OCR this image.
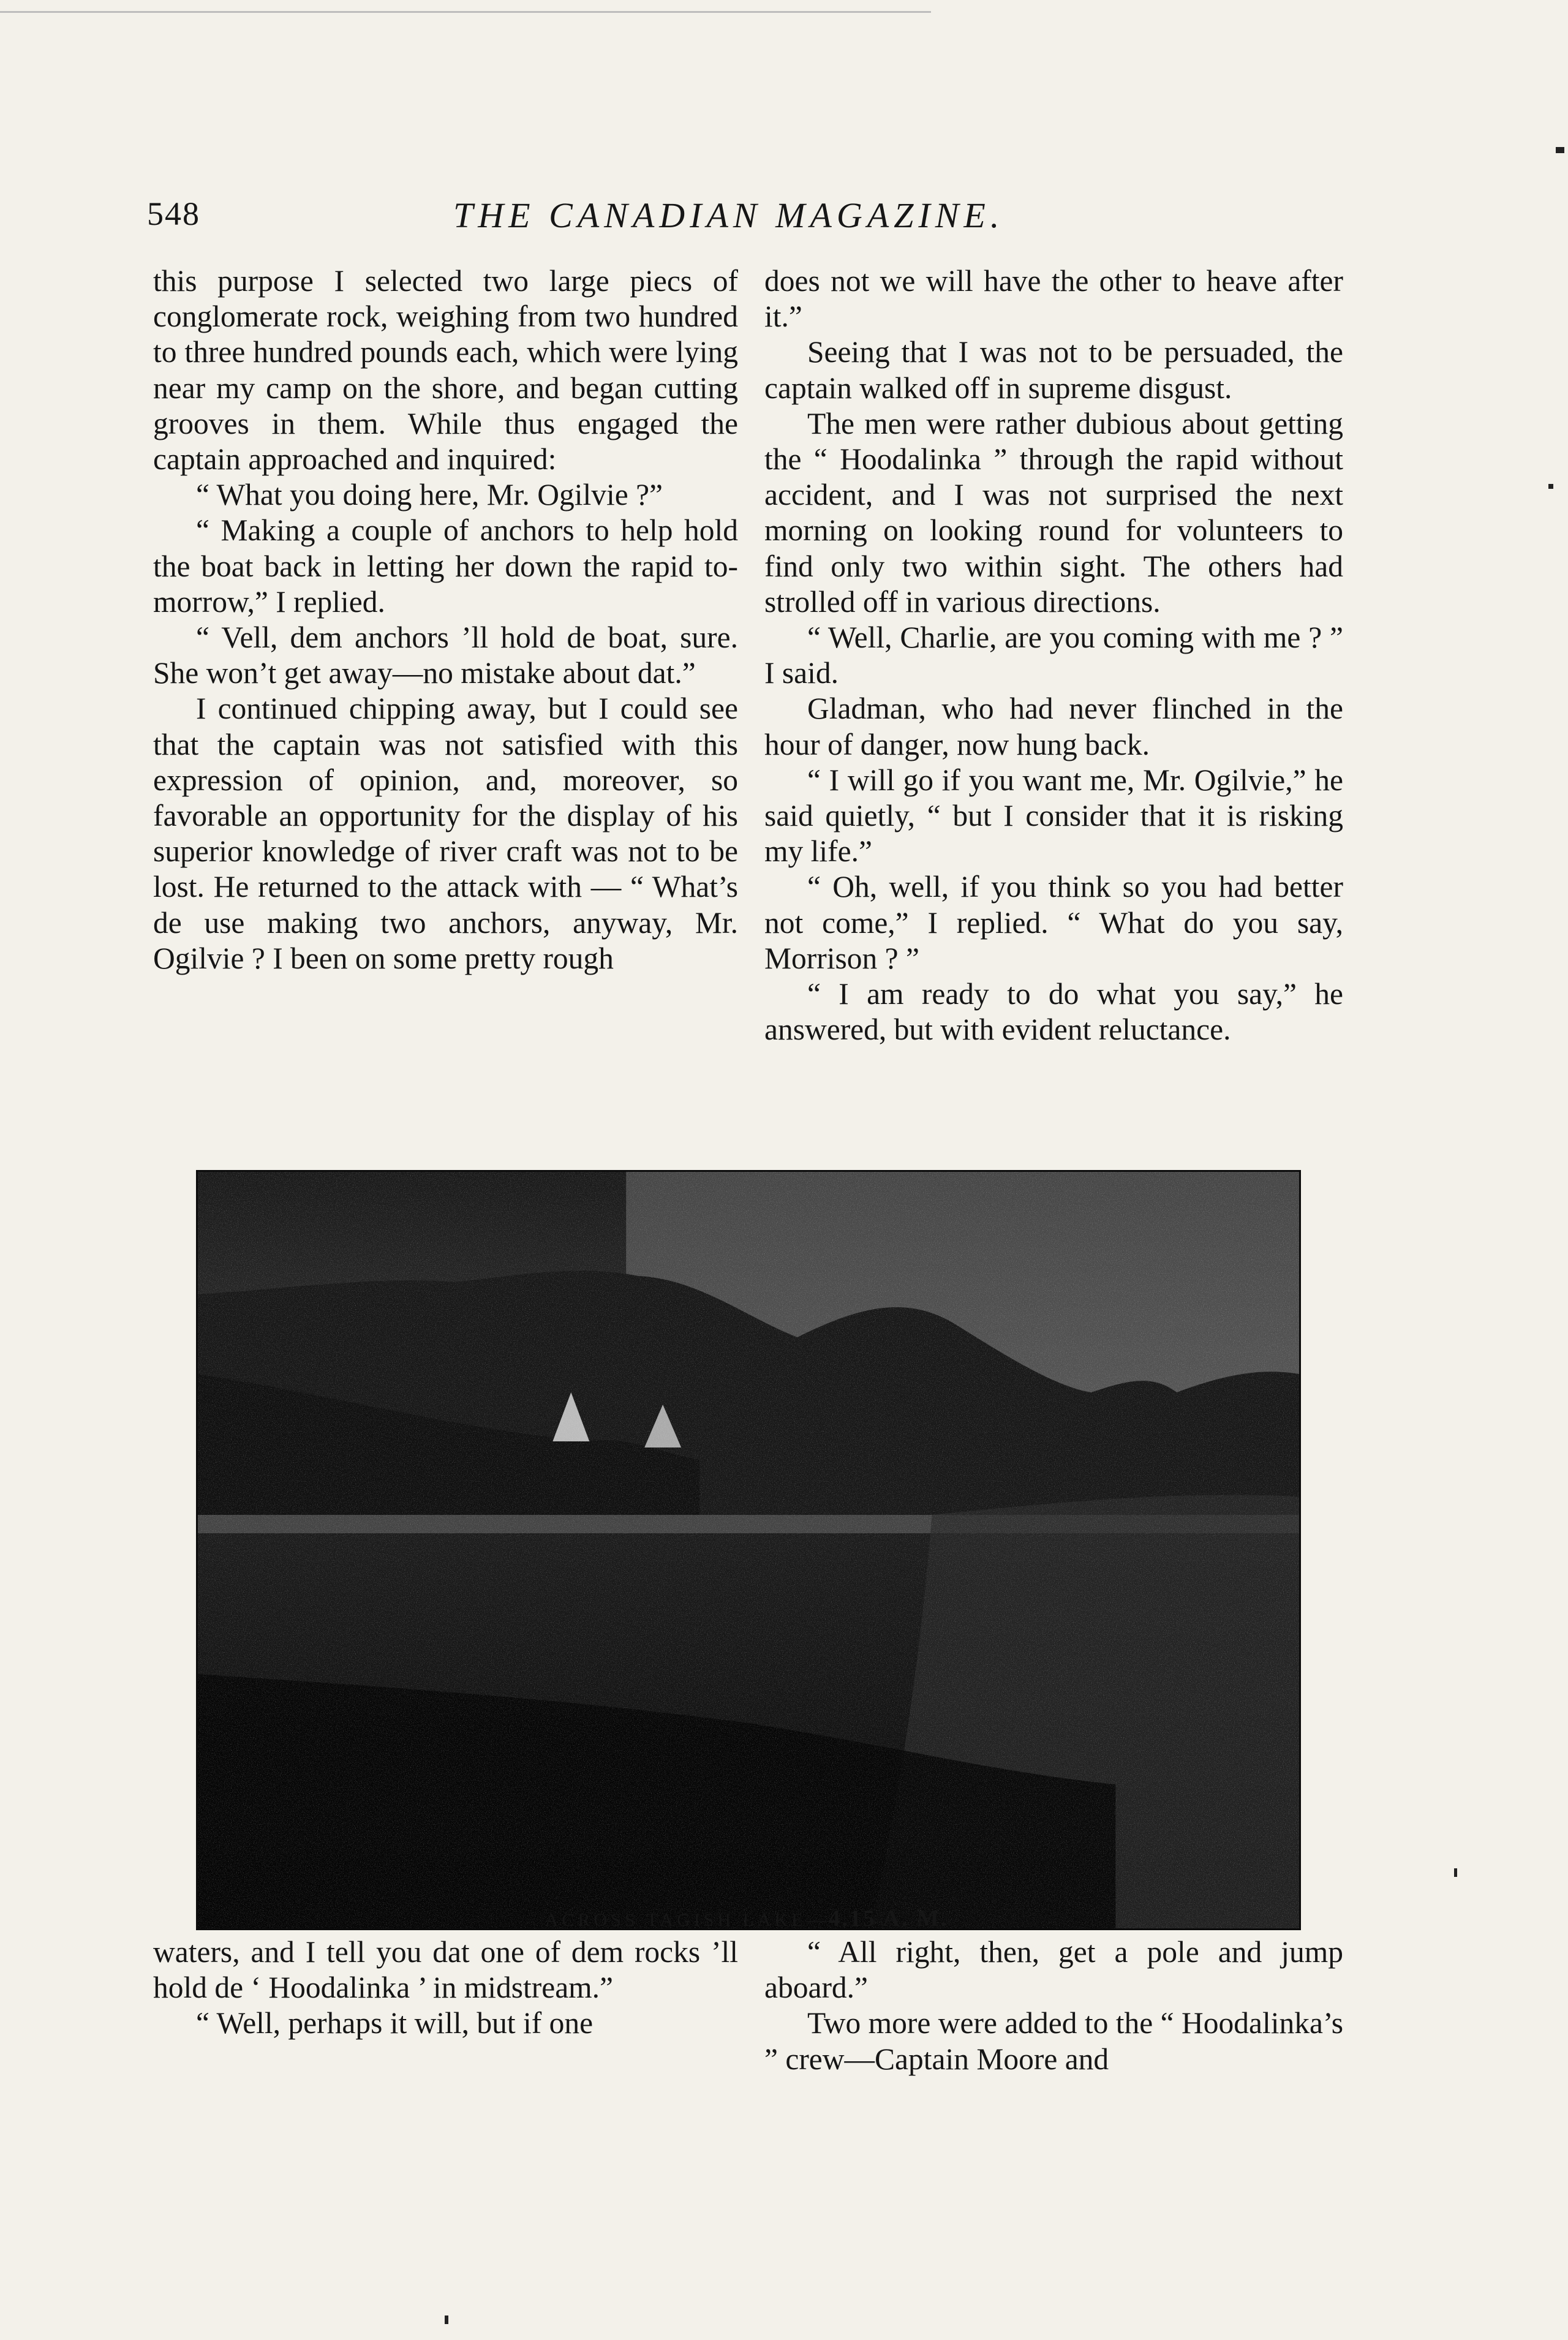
548	THE CANADIAN MAGAZINE.

this purpose I selected two large piecs of conglomerate rock, weighing from two hundred to three hundred pounds each, which were lying near my camp on the shore, and began cutting grooves in them. While thus engaged the captain approached and inquired:

“ What you doing here, Mr. Ogilvie ?”

“ Making a couple of anchors to help hold the boat back in letting her down the rapid to-morrow,” I replied.

“ Vell, dem anchors ’ll hold de boat, sure. She won’t get away—no mistake about dat.”

I continued chipping away, but I could see that the captain was not satisfied with this expression of opinion, and, moreover, so favorable an opportunity for the display of his superior knowledge of river craft was not to be lost. He returned to the attack with — “ What’s de use making two anchors, anyway, Mr. Ogilvie ? I been on some pretty rough

does not we will have the other to heave after it.”

Seeing that I was not to be persuaded, the captain walked off in supreme disgust.

The men were rather dubious about getting the “ Hoodalinka ” through the rapid without accident, and I was not surprised the next morning on looking round for volunteers to find only two within sight. The others had strolled off in various directions.

“ Well, Charlie, are you coming with me ? ” I said.

Gladman, who had never flinched in the hour of danger, now hung back.

“ I will go if you want me, Mr. Ogilvie,” he said quietly, “ but I consider that it is risking my life.”

“ Oh, well, if you think so you had better not come,” I replied. “ What do you say, Morrison ? ”

“ I am ready to do what you say,” he answered, but with evident reluctance.

ACROSS TAGISH LAKE—4.15 A. M.

waters, and I tell you dat one of dem rocks ’ll hold de ‘ Hoodalinka ’ in midstream.”

“ Well, perhaps it will, but if one

“ All right, then, get a pole and jump aboard.”

Two more were added to the “ Hoodalinka’s ” crew—Captain Moore and
